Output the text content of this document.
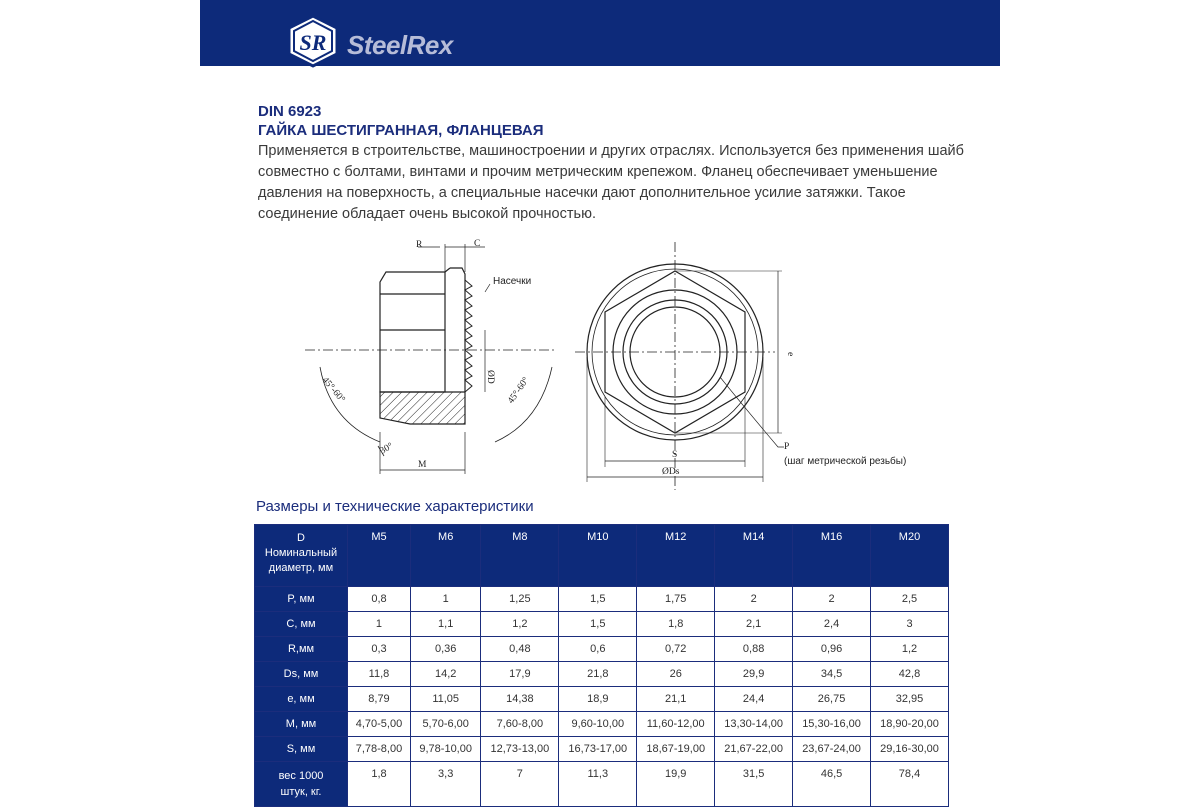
SR SteelRex
DIN 6923
ГАЙКА ШЕСТИГРАННАЯ, ФЛАНЦЕВАЯ
Применяется в строительстве, машиностроении и других отраслях. Используется без применения шайб совместно с болтами, винтами и прочим метрическим крепежом. Фланец обеспечивает уменьшение давления на поверхность, а специальные насечки дают дополнительное усилие затяжки. Такое соединение обладает очень высокой прочностью.
R	C
Насечки
ØD
45°-60°	45°-60°
30°
M
e
S
ØDs
P
(шаг метрической резьбы)
Размеры и технические характеристики
D
Номинальный
диаметр, мм	M5	M6	M8	M10	M12	M14	M16	M20
P, мм	0,8	1	1,25	1,5	1,75	2	2	2,5
C, мм	1	1,1	1,2	1,5	1,8	2,1	2,4	3
R,мм	0,3	0,36	0,48	0,6	0,72	0,88	0,96	1,2
Ds, мм	11,8	14,2	17,9	21,8	26	29,9	34,5	42,8
e, мм	8,79	11,05	14,38	18,9	21,1	24,4	26,75	32,95
M, мм	4,70-5,00	5,70-6,00	7,60-8,00	9,60-10,00	11,60-12,00	13,30-14,00	15,30-16,00	18,90-20,00
S, мм	7,78-8,00	9,78-10,00	12,73-13,00	16,73-17,00	18,67-19,00	21,67-22,00	23,67-24,00	29,16-30,00
вес 1000
штук, кг.	1,8	3,3	7	11,3	19,9	31,5	46,5	78,4
